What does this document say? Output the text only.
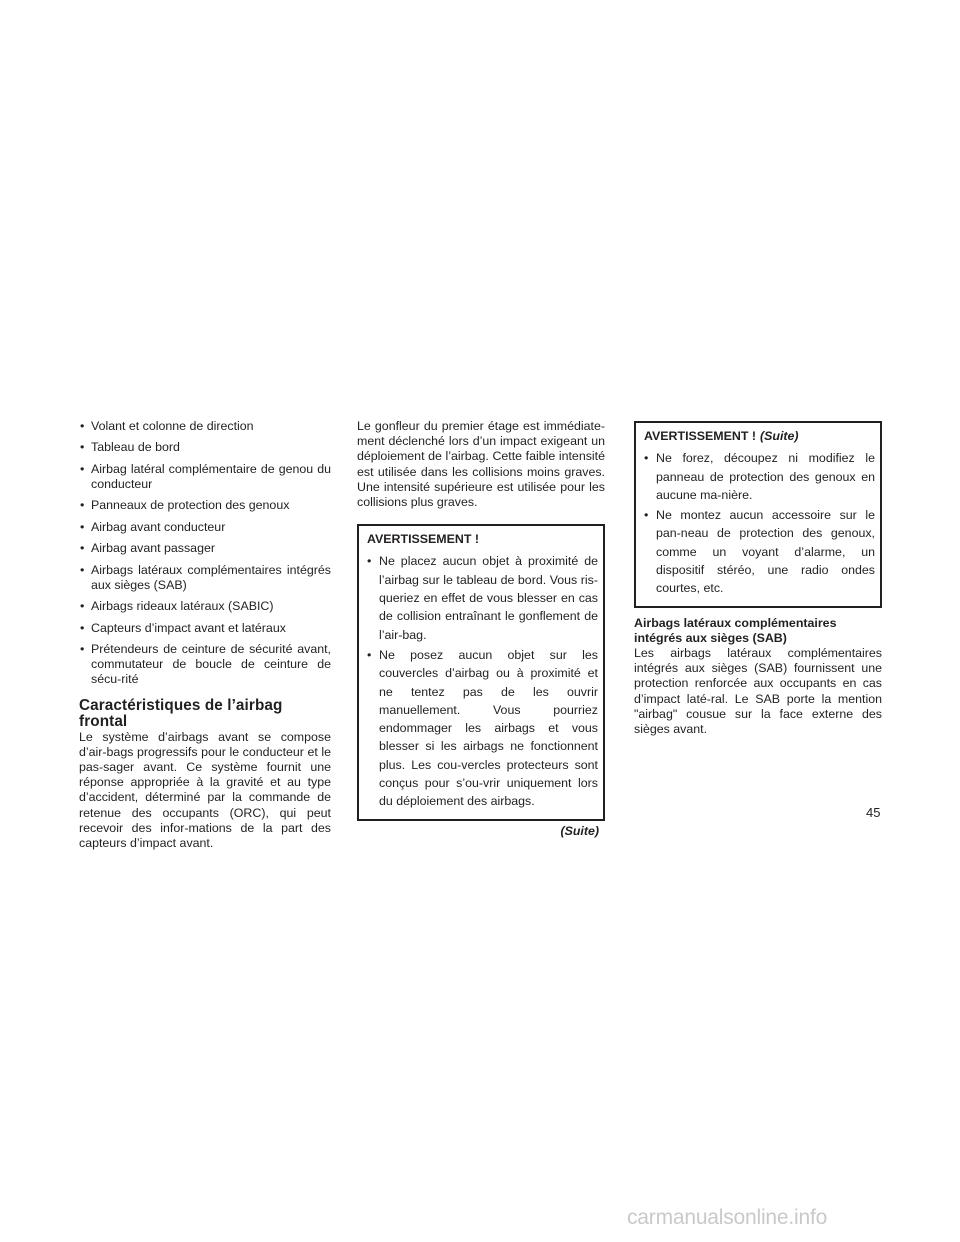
• Volant et colonne de direction
• Tableau de bord
• Airbag latéral complémentaire de genou du conducteur
• Panneaux de protection des genoux
• Airbag avant conducteur
• Airbag avant passager
• Airbags latéraux complémentaires intégrés aux sièges (SAB)
• Airbags rideaux latéraux (SABIC)
• Capteurs d’impact avant et latéraux
• Prétendeurs de ceinture de sécurité avant, commutateur de boucle de ceinture de sécu-rité
Caractéristiques de l’airbag frontal

Le système d’airbags avant se compose d’air-bags progressifs pour le conducteur et le pas-sager avant. Ce système fournit une réponse appropriée à la gravité et au type d’accident, déterminé par la commande de retenue des occupants (ORC), qui peut recevoir des infor-mations de la part des capteurs d’impact avant.

Le gonfleur du premier étage est immédiate-ment déclenché lors d’un impact exigeant un déploiement de l’airbag. Cette faible intensité est utilisée dans les collisions moins graves. Une intensité supérieure est utilisée pour les collisions plus graves.

AVERTISSEMENT !
• Ne placez aucun objet à proximité de l’airbag sur le tableau de bord. Vous ris-queriez en effet de vous blesser en cas de collision entraînant le gonflement de l’air-bag.
• Ne posez aucun objet sur les couvercles d’airbag ou à proximité et ne tentez pas de les ouvrir manuellement. Vous pourriez endommager les airbags et vous blesser si les airbags ne fonctionnent plus. Les cou-vercles protecteurs sont conçus pour s’ou-vrir uniquement lors du déploiement des airbags.
(Suite)
AVERTISSEMENT ! (Suite)
• Ne forez, découpez ni modifiez le panneau de protection des genoux en aucune ma-nière.
• Ne montez aucun accessoire sur le pan-neau de protection des genoux, comme un voyant d’alarme, un dispositif stéréo, une radio ondes courtes, etc.
Airbags latéraux complémentaires intégrés aux sièges (SAB)

Les airbags latéraux complémentaires intégrés aux sièges (SAB) fournissent une protection renforcée aux occupants en cas d’impact laté-ral. Le SAB porte la mention "airbag" cousue sur la face externe des sièges avant.

45
carmanualsonline.info
